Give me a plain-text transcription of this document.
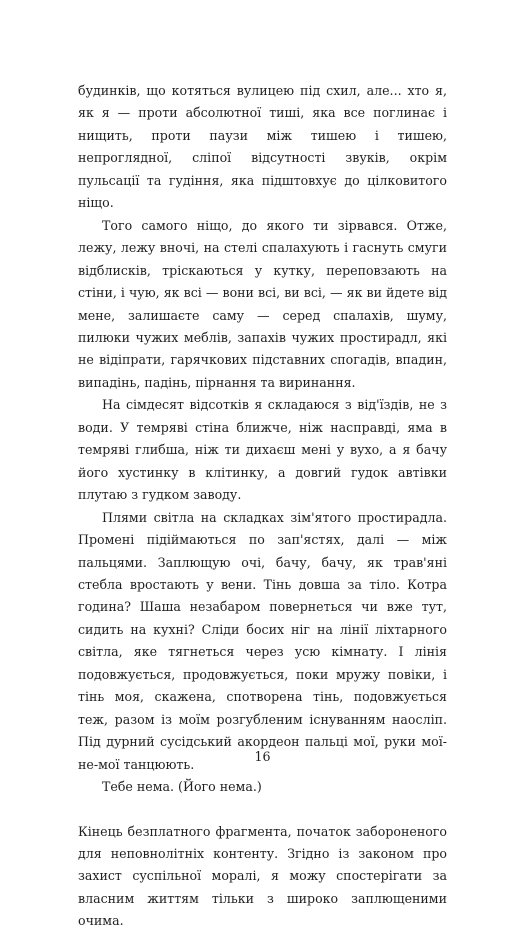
будинків, що котяться вулицею під схил, але... хто я, як я — проти абсолютної тиші, яка все поглинає і нищить, проти паузи між тишею і тишею, непроглядної, сліпої відсутності звуків, окрім пульсації та гудіння, яка підштовхує до цілковитого ніщо.

Того самого ніщо, до якого ти зірвався. Отже, лежу, лежу вночі, на стелі спалахують і гаснуть смуги відблисків, тріскаються у кутку, переповзають на стіни, і чую, як всі — вони всі, ви всі, — як ви йдете від мене, залишаєте саму — серед спалахів, шуму, пилюки чужих меблів, запахів чужих простирадл, які не відіпрати, гарячкових підставних спогадів, впадин, випадінь, падінь, пірнання та виринання.

На сімдесят відсотків я складаюся з від'їздів, не з води. У темряві стіна ближче, ніж насправді, яма в темряві глибша, ніж ти дихаєш мені у вухо, а я бачу його хустинку в клітинку, а довгий гудок автівки плутаю з гудком заводу.

Плями світла на складках зім'ятого простирадла. Промені підіймаються по зап'ястях, далі — між пальцями. Заплющую очі, бачу, бачу, як трав'яні стебла вростають у вени. Тінь довша за тіло. Котра година? Шаша незабаром повернеться чи вже тут, сидить на кухні? Сліди босих ніг на лінії ліхтарного світла, яке тягнеться через усю кімнату. І лінія подовжується, продовжується, поки мружу повіки, і тінь моя, скажена, спотворена тінь, подовжується теж, разом із моїм розгубленим існуванням наосліп. Під дурний сусідський акордеон пальці мої, руки мої-не-мої танцюють.

Тебе нема. (Його нема.)

Кінець безплатного фрагмента, початок забороненого для неповнолітніх контенту. Згідно із законом про захист суспільної моралі, я можу спостерігати за власним життям тільки з широко заплющеними очима.

16
